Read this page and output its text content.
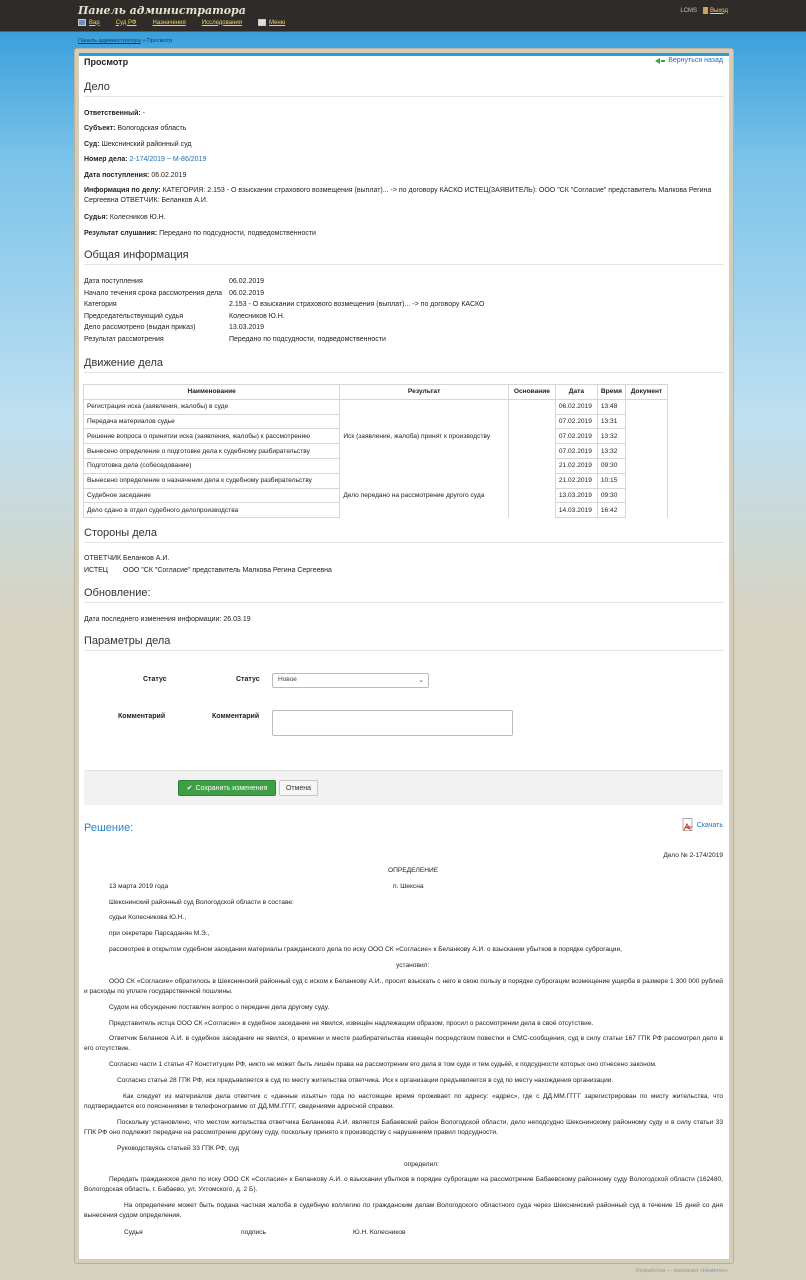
Панель администратора
Вар	Суд РФ	Назначения	Исследования	Меню
LCMS Выход
Панель администратора » Просмотр
Просмотр	Вернуться назад
Дело
Ответственный: -
Субъект: Вологодская область
Суд: Шекснинский районный суд
Номер дела: 2-174/2019 ~ М-86/2019
Дата поступления: 06.02.2019
Информация по делу: КАТЕГОРИЯ: 2.153 - О взыскании страхового возмещения (выплат)... -> по договору КАСКО ИСТЕЦ(ЗАЯВИТЕЛЬ): ООО "СК "Согласие" представитель Малкова Регина Сергеевна ОТВЕТЧИК: Беланков А.И.
Судья: Колесников Ю.Н.
Результат слушания: Передано по подсудности, подведомственности
Общая информация
Дата поступления	06.02.2019
Начало течения срока рассмотрения дела 06.02.2019
Категория	2.153 - О взыскании страхового возмещения (выплат)... -> по договору КАСКО
Председательствующий судья	Колесников Ю.Н.
Дело рассмотрено (выдан приказ)	13.03.2019
Результат рассмотрения	Передано по подсудности, подведомственности
Движение дела
Наименование	Результат	Основание	Дата	Время	Документ
Регистрация иска (заявления, жалобы) в суде			06.02.2019	13:48	
Передача материалов судье			07.02.2019	13:31	
Решение вопроса о принятии иска (заявления, жалобы) к рассмотрению	Иск (заявление, жалоба) принят к производству		07.02.2019	13:32	
Вынесено определение о подготовке дела к судебному разбирательству			07.02.2019	13:32	
Подготовка дела (собеседование)			21.02.2019	09:30	
Вынесено определение о назначении дела к судебному разбирательству			21.02.2019	10:15	
Судебное заседание	Дело передано на рассмотрение другого суда		13.03.2019	09:30	
Дело сдано в отдел судебного делопроизводства			14.03.2019	16:42	
Стороны дела
ОТВЕТЧИК Беланков А.И.
ИСТЕЦ	ООО "СК "Согласие" представитель Малкова Регина Сергеевна
Обновление:
Дата последнего изменения информации: 26.03.19
Параметры дела
Статус	Статус	Новое	⌄
Комментарий	Комментарий
✔ Сохранить изменения	Отмена
Решение:	Скачать
Дело № 2-174/2019
ОПРЕДЕЛЕНИЕ
13 марта 2019 года	п. Шексна
Шекснинский районный суд Вологодской области в составе:
судьи Колесникова Ю.Н.,
при секретаре Парсаданян М.Э.,
рассмотрев в открытом судебном заседании материалы гражданского дела по иску ООО СК «Согласие» к Беланкову А.И. о взыскании убытков в порядке суброгации,
установил:
ООО СК «Согласие» обратилось в Шекснинский районный суд с иском к Беланкову А.И., просит взыскать с него в свою пользу в порядке суброгации возмещение ущерба в размере 1 300 000 рублей и расходы по уплате государственной пошлины.
Судом на обсуждение поставлен вопрос о передаче дела другому суду.
Представитель истца ООО СК «Согласие» в судебное заседание не явился, извещён надлежащим образом, просил о рассмотрении дела в своё отсутствие.
Ответчик Беланков А.И. в судебное заседание не явился, о времени и месте разбирательства извещён посредством повестки и СМС-сообщения, суд в силу статьи 167 ГПК РФ рассмотрел дело в его отсутствие.
Согласно части 1 статьи 47 Конституции РФ, никто не может быть лишён права на рассмотрение его дела в том суде и тем судьёй, к подсудности которых оно отнесено законом.
Согласно статье 28 ГПК РФ, иск предъявляется в суд по месту жительства ответчика. Иск к организации предъявляется в суд по месту нахождения организации.
Как следует из материалов дела ответчик с «данные изъяты» года по настоящее время проживает по адресу: «адрес», где с ДД.ММ.ГГГГ зарегистрирован по месту жительства, что подтверждается его пояснениями в телефонограмме от ДД.ММ.ГГГГ, сведениями адресной справки.
Поскольку установлено, что местом жительства ответчика Беланкова А.И. является Бабаевский район Вологодской области, дело неподсудно Шекснинскому районному суду и в силу статьи 33 ГПК РФ оно подлежит передаче на рассмотрение другому суду, поскольку принято к производству с нарушением правил подсудности.
Руководствуясь статьей 33 ГПК РФ, суд
определил:
Передать гражданское дело по иску ООО СК «Согласие» к Беланкову А.И. о взыскании убытков в порядке суброгации на рассмотрение Бабаевскому районному суду Вологодской области (162480, Вологодская область, г. Бабаево, ул. Ухтомского, д. 2 Б).
На определение может быть подана частная жалоба в судебную коллегию по гражданским делам Вологодского областного суда через Шекснинский районный суд в течение 15 дней со дня вынесения судом определения.
Судья	подпись	Ю.Н. Колесников
Разработка — компания «Неметон»
